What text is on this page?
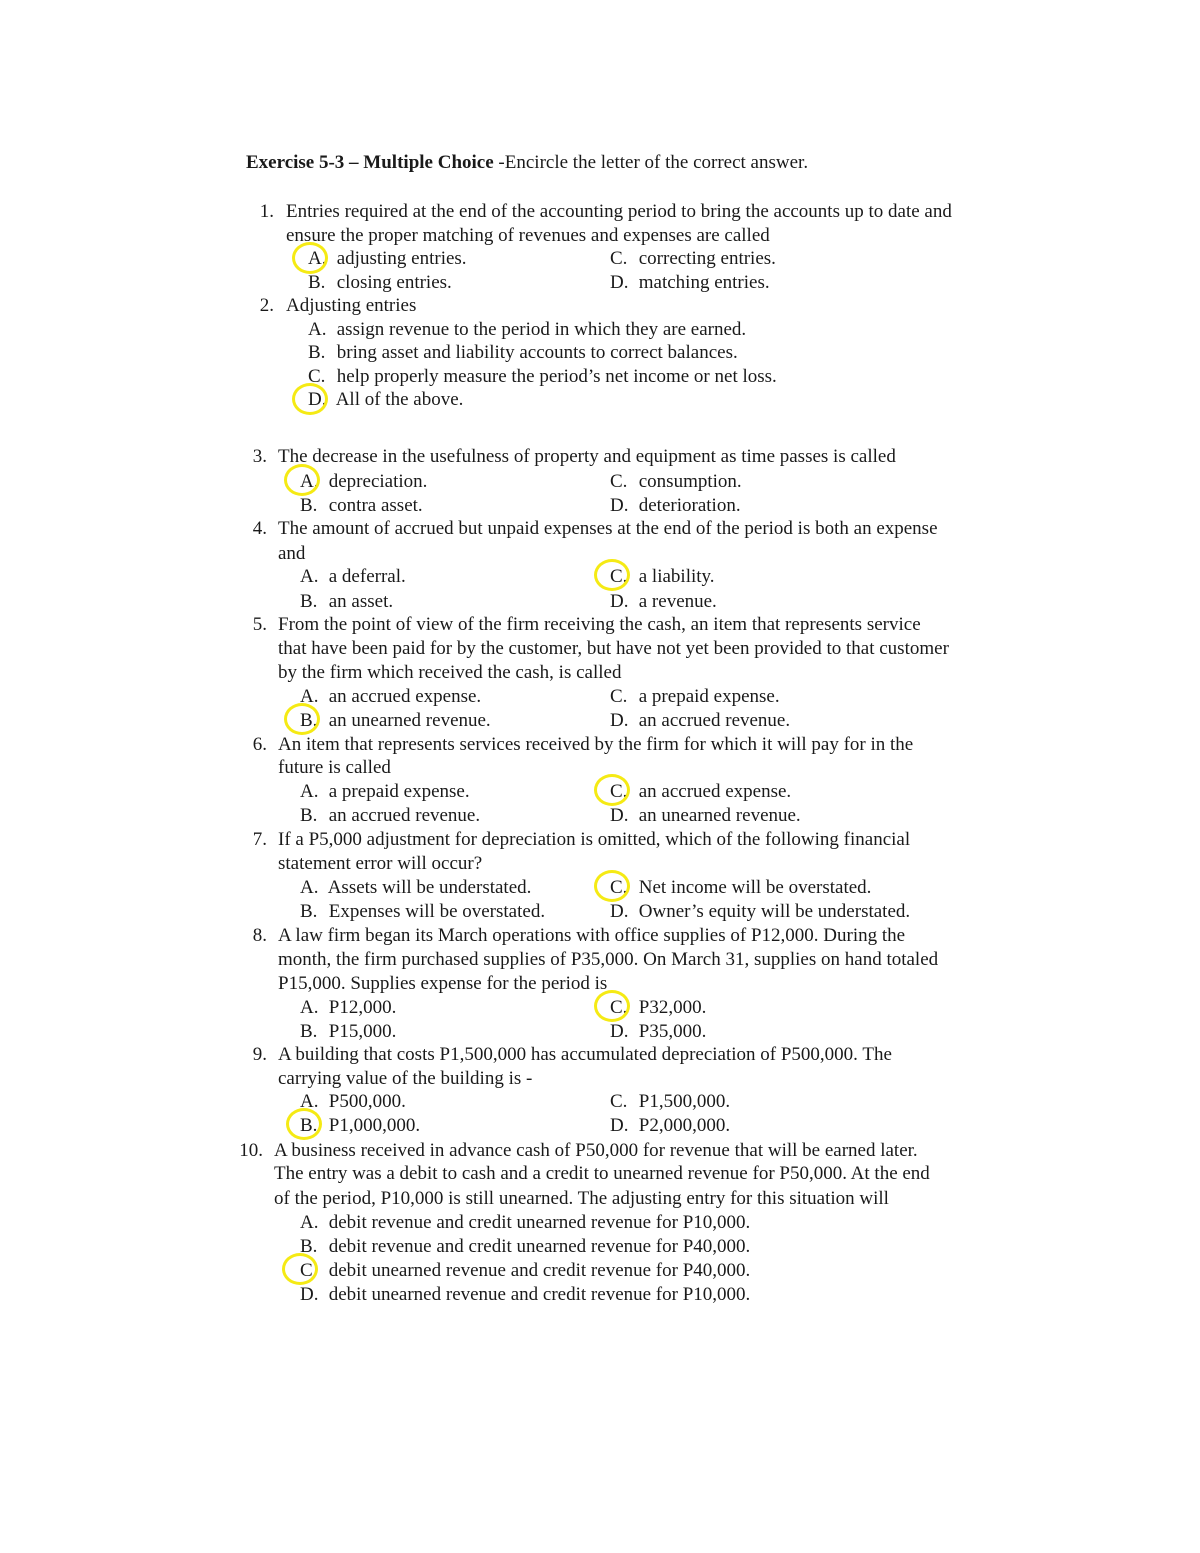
Exercise 5-3 – Multiple Choice -Encircle the letter of the correct answer.
1. Entries required at the end of the accounting period to bring the accounts up to date and
ensure the proper matching of revenues and expenses are called
A. adjusting entries.
B. closing entries.
C. correcting entries.
D. matching entries.
2. Adjusting entries
A. assign revenue to the period in which they are earned.
B. bring asset and liability accounts to correct balances.
C. help properly measure the period’s net income or net loss.
D. All of the above.
3. The decrease in the usefulness of property and equipment as time passes is called
A. depreciation.
B. contra asset.
C. consumption.
D. deterioration.
4. The amount of accrued but unpaid expenses at the end of the period is both an expense
and
A. a deferral.
B. an asset.
C. a liability.
D. a revenue.
5. From the point of view of the firm receiving the cash, an item that represents service
that have been paid for by the customer, but have not yet been provided to that customer
by the firm which received the cash, is called
A. an accrued expense.
B. an unearned revenue.
C. a prepaid expense.
D. an accrued revenue.
6. An item that represents services received by the firm for which it will pay for in the
future is called
A. a prepaid expense.
B. an accrued revenue.
C. an accrued expense.
D. an unearned revenue.
7. If a P5,000 adjustment for depreciation is omitted, which of the following financial
statement error will occur?
A. Assets will be understated.
B. Expenses will be overstated.
C. Net income will be overstated.
D. Owner’s equity will be understated.
8. A law firm began its March operations with office supplies of P12,000. During the
month, the firm purchased supplies of P35,000. On March 31, supplies on hand totaled
P15,000. Supplies expense for the period is
A. P12,000.
B. P15,000.
C. P32,000.
D. P35,000.
9. A building that costs P1,500,000 has accumulated depreciation of P500,000. The
carrying value of the building is -
A. P500,000.
B. P1,000,000.
C. P1,500,000.
D. P2,000,000.
10. A business received in advance cash of P50,000 for revenue that will be earned later.
The entry was a debit to cash and a credit to unearned revenue for P50,000. At the end
of the period, P10,000 is still unearned. The adjusting entry for this situation will
A. debit revenue and credit unearned revenue for P10,000.
B. debit revenue and credit unearned revenue for P40,000.
C. debit unearned revenue and credit revenue for P40,000.
D. debit unearned revenue and credit revenue for P10,000.
